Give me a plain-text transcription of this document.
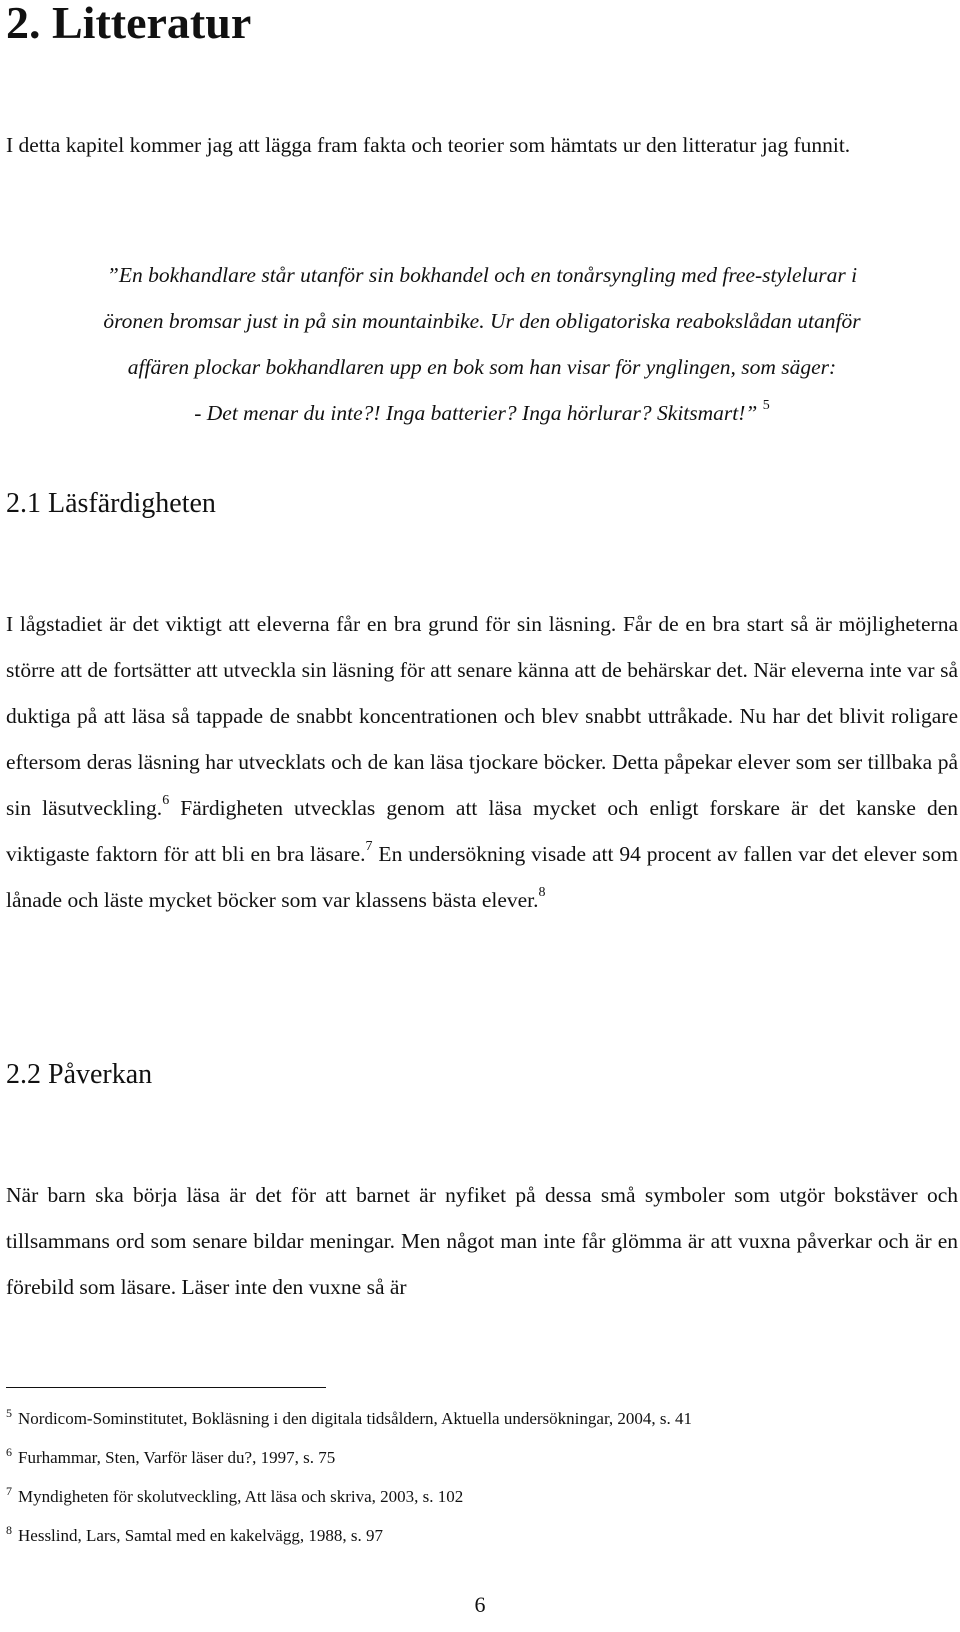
2. Litteratur

I detta kapitel kommer jag att lägga fram fakta och teorier som hämtats ur den litteratur jag funnit.

”En bokhandlare står utanför sin bokhandel och en tonårsyngling med free-stylelurar i
öronen bromsar just in på sin mountainbike. Ur den obligatoriska reabokslådan utanför
affären plockar bokhandlaren upp en bok som han visar för ynglingen, som säger:
- Det menar du inte?! Inga batterier? Inga hörlurar? Skitsmart!” $^5$
2.1 Läsfärdigheten

I lågstadiet är det viktigt att eleverna får en bra grund för sin läsning. Får de en bra start så är möjligheterna större att de fortsätter att utveckla sin läsning för att senare känna att de behärskar det. När eleverna inte var så duktiga på att läsa så tappade de snabbt koncentrationen och blev snabbt uttråkade. Nu har det blivit roligare eftersom deras läsning har utvecklats och de kan läsa tjockare böcker. Detta påpekar elever som ser tillbaka på sin läsutveckling.$^6$ Färdigheten utvecklas genom att läsa mycket och enligt forskare är det kanske den viktigaste faktorn för att bli en bra läsare.$^7$ En undersökning visade att 94 procent av fallen var det elever som lånade och läste mycket böcker som var klassens bästa elever.$^8$

2.2 Påverkan

När barn ska börja läsa är det för att barnet är nyfiket på dessa små symboler som utgör bokstäver och tillsammans ord som senare bildar meningar. Men något man inte får glömma är att vuxna påverkar och är en förebild som läsare. Läser inte den vuxne så är

$^5$ Nordicom-Sominstitutet, Bokläsning i den digitala tidsåldern, Aktuella undersökningar, 2004, s. 41
$^6$ Furhammar, Sten, Varför läser du?, 1997, s. 75
$^7$ Myndigheten för skolutveckling, Att läsa och skriva, 2003, s. 102
$^8$ Hesslind, Lars, Samtal med en kakelvägg, 1988, s. 97
6
